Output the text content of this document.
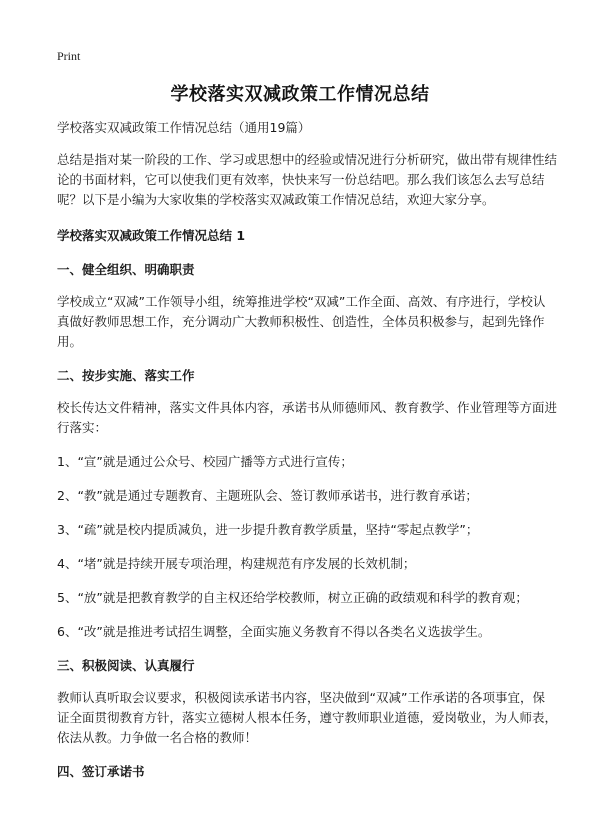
Print
学校落实双减政策工作情况总结

学校落实双减政策工作情况总结（通用19篇）

总结是指对某一阶段的工作、学习或思想中的经验或情况进行分析研究，做出带有规律性结论的书面材料，它可以使我们更有效率，快快来写一份总结吧。那么我们该怎么去写总结呢？以下是小编为大家收集的学校落实双减政策工作情况总结，欢迎大家分享。

学校落实双减政策工作情况总结 1

一、健全组织、明确职责

学校成立“双减”工作领导小组，统筹推进学校“双减”工作全面、高效、有序进行，学校认真做好教师思想工作，充分调动广大教师积极性、创造性，全体员积极参与，起到先锋作用。

二、按步实施、落实工作

校长传达文件精神，落实文件具体内容，承诺书从师德师风、教育教学、作业管理等方面进行落实：

1、“宣”就是通过公众号、校园广播等方式进行宣传；

2、“教”就是通过专题教育、主题班队会、签订教师承诺书，进行教育承诺；

3、“疏”就是校内提质减负，进一步提升教育教学质量，坚持“零起点教学”；

4、“堵”就是持续开展专项治理，构建规范有序发展的长效机制；

5、“放”就是把教育教学的自主权还给学校教师，树立正确的政绩观和科学的教育观；

6、“改”就是推进考试招生调整，全面实施义务教育不得以各类名义选拔学生。

三、积极阅读、认真履行

教师认真听取会议要求，积极阅读承诺书内容，坚决做到“双减”工作承诺的各项事宜，保证全面贯彻教育方针，落实立德树人根本任务，遵守教师职业道德，爱岗敬业，为人师表，依法从教。力争做一名合格的教师！

四、签订承诺书
